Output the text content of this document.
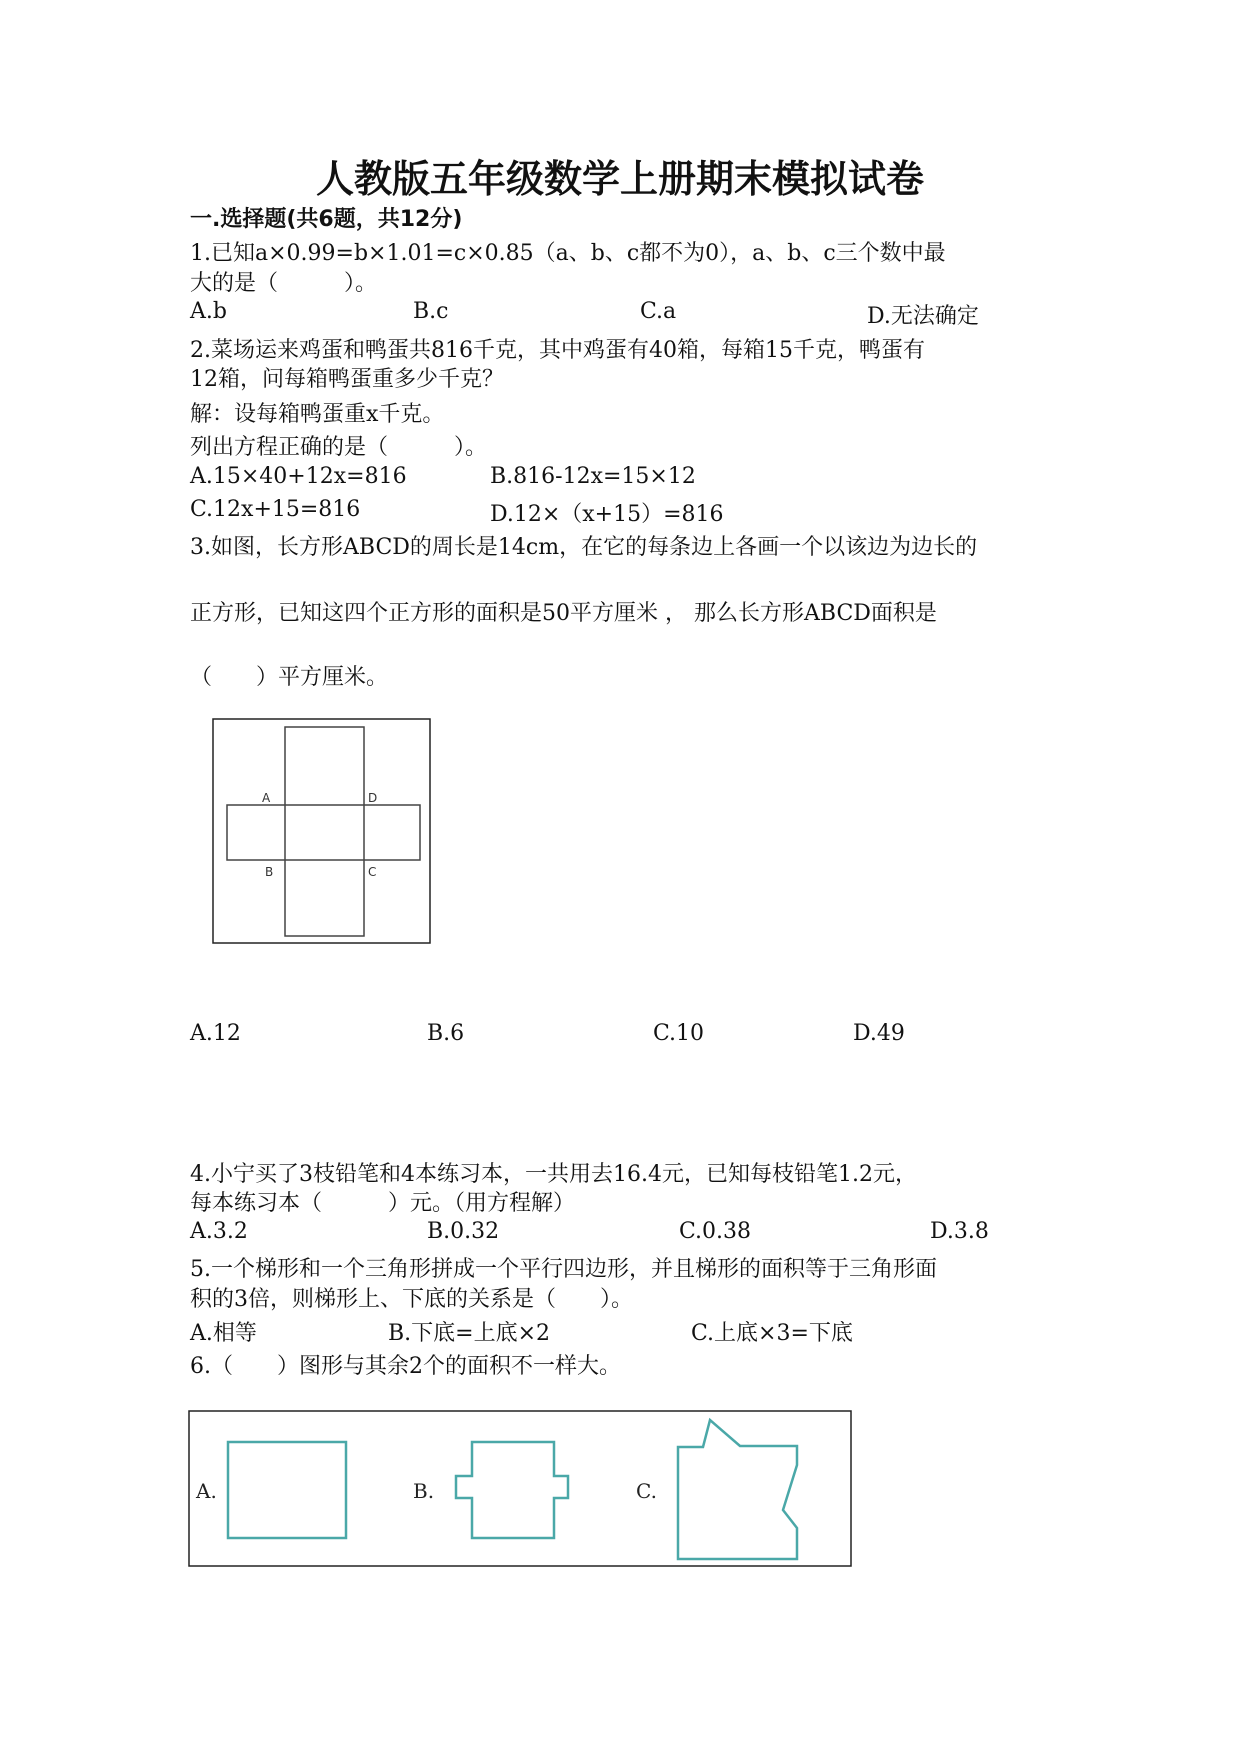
人教版五年级数学上册期末模拟试卷
一.选择题(共6题，共12分)
1.已知a×0.99=b×1.01=c×0.85（a、b、c都不为0），a、b、c三个数中最
大的是（　　　）。
A.b	B.c	C.a	D.无法确定
2.菜场运来鸡蛋和鸭蛋共816千克，其中鸡蛋有40箱，每箱15千克，鸭蛋有
12箱，问每箱鸭蛋重多少千克？
解：设每箱鸭蛋重x千克。
列出方程正确的是（　　　）。
A.15×40+12x=816	B.816-12x=15×12
C.12x+15=816	D.12×（x+15）=816
3.如图，长方形ABCD的周长是14cm，在它的每条边上各画一个以该边为边长的
正方形，已知这四个正方形的面积是50平方厘米 ， 那么长方形ABCD面积是
（　　）平方厘米。
A	D
B	C
A.12	B.6	C.10	D.49
4.小宁买了3枝铅笔和4本练习本，一共用去16.4元，已知每枝铅笔1.2元，
每本练习本（　　　）元。（用方程解）
A.3.2	B.0.32	C.0.38	D.3.8
5.一个梯形和一个三角形拼成一个平行四边形，并且梯形的面积等于三角形面
积的3倍，则梯形上、下底的关系是（　　）。
A.相等	B.下底=上底×2	C.上底×3=下底
6.（　　）图形与其余2个的面积不一样大。
A.	B.	C.
